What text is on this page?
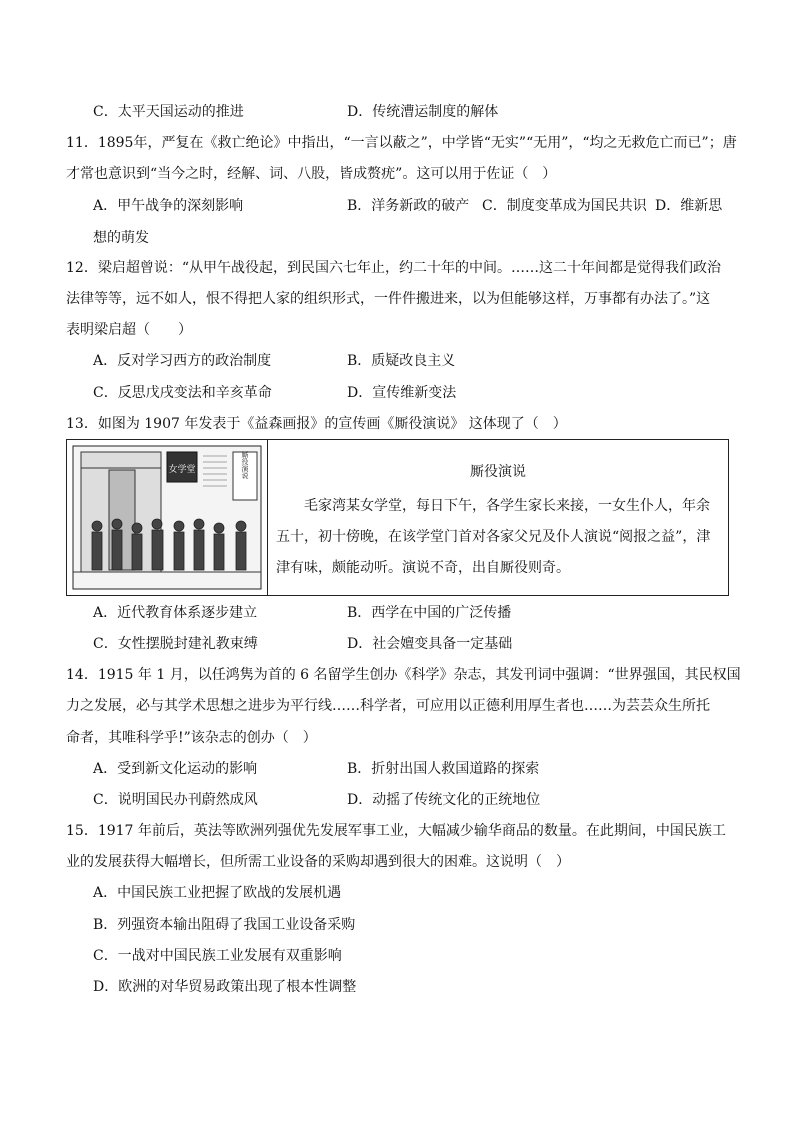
C．太平天国运动的推进	D．传统漕运制度的解体
11．1895年，严复在《救亡绝论》中指出，“一言以蔽之”，中学皆“无实”“无用”，“均之无救危亡而已”；唐
才常也意识到“当今之时，经解、词、八股，皆成赘疣”。这可以用于佐证（　）
A．甲午战争的深刻影响	B．洋务新政的破产 C．制度变革成为国民共识 D．维新思
想的萌发
12．梁启超曾说：“从甲午战役起，到民国六七年止，约二十年的中间。……这二十年间都是觉得我们政治
法律等等，远不如人，恨不得把人家的组织形式，一件件搬进来，以为但能够这样，万事都有办法了。”这
表明梁启超（　　）
A．反对学习西方的政治制度	B．质疑改良主义
C．反思戊戌变法和辛亥革命	D．宣传维新变法
13．如图为 1907 年发表于《益森画报》的宣传画《厮役演说》 这体现了（　）
女学堂	厮役演说	厮役演说
毛家湾某女学堂，每日下午，各学生家长来接，一女生仆人，年余五十，初十傍晚，在该学堂门首对各家父兄及仆人演说“阅报之益”，津津有味，颇能动听。演说不奇，出自厮役则奇。
A．近代教育体系逐步建立	B．西学在中国的广泛传播
C．女性摆脱封建礼教束缚	D．社会嬗变具备一定基础
14．1915 年 1 月，以任鸿隽为首的 6 名留学生创办《科学》杂志，其发刊词中强调：“世界强国，其民权国
力之发展，必与其学术思想之进步为平行线……科学者，可应用以正德利用厚生者也……为芸芸众生所托
命者，其唯科学乎!”该杂志的创办（　）
A．受到新文化运动的影响	B．折射出国人救国道路的探索
C．说明国民办刊蔚然成风	D．动摇了传统文化的正统地位
15．1917 年前后，英法等欧洲列强优先发展军事工业，大幅减少输华商品的数量。在此期间，中国民族工
业的发展获得大幅增长，但所需工业设备的采购却遇到很大的困难。这说明（　）
A．中国民族工业把握了欧战的发展机遇
B．列强资本输出阻碍了我国工业设备采购
C．一战对中国民族工业发展有双重影响
D．欧洲的对华贸易政策出现了根本性调整
